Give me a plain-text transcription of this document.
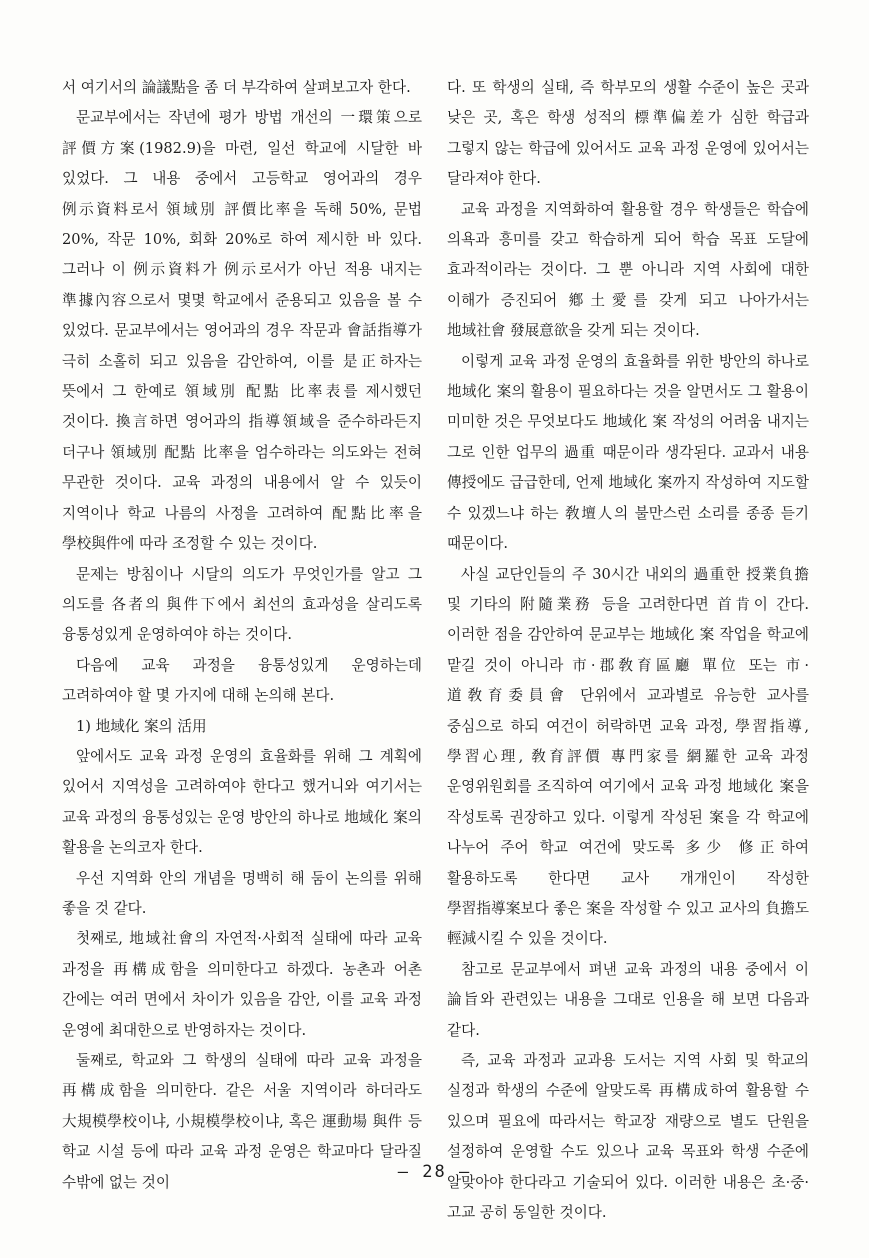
서 여기서의 論議點을 좀 더 부각하여 살펴보고자 한다.

문교부에서는 작년에 평가 방법 개선의 一環策으로 評價方案(1982.9)을 마련, 일선 학교에 시달한 바 있었다. 그 내용 중에서 고등학교 영어과의 경우 例示資料로서 領域別 評價比率을 독해 50%, 문법 20%, 작문 10%, 회화 20%로 하여 제시한 바 있다. 그러나 이 例示資料가 例示로서가 아닌 적용 내지는 準據內容으로서 몇몇 학교에서 준용되고 있음을 볼 수 있었다. 문교부에서는 영어과의 경우 작문과 會話指導가 극히 소홀히 되고 있음을 감안하여, 이를 是正하자는 뜻에서 그 한예로 領域別 配點 比率表를 제시했던 것이다. 換言하면 영어과의 指導領域을 준수하라든지 더구나 領域別 配點 比率을 엄수하라는 의도와는 전혀 무관한 것이다. 교육 과정의 내용에서 알 수 있듯이 지역이나 학교 나름의 사정을 고려하여 配點比率을 學校與件에 따라 조정할 수 있는 것이다.

문제는 방침이나 시달의 의도가 무엇인가를 알고 그 의도를 各者의 與件下에서 최선의 효과성을 살리도록 융통성있게 운영하여야 하는 것이다.

다음에 교육 과정을 융통성있게 운영하는데 고려하여야 할 몇 가지에 대해 논의해 본다.

1) 地域化 案의 活用

앞에서도 교육 과정 운영의 효율화를 위해 그 계획에 있어서 지역성을 고려하여야 한다고 했거니와 여기서는 교육 과정의 융통성있는 운영 방안의 하나로 地域化 案의 활용을 논의코자 한다.

우선 지역화 안의 개념을 명백히 해 둠이 논의를 위해 좋을 것 같다.

첫째로, 地域社會의 자연적·사회적 실태에 따라 교육 과정을 再構成함을 의미한다고 하겠다. 농촌과 어촌 간에는 여러 면에서 차이가 있음을 감안, 이를 교육 과정 운영에 최대한으로 반영하자는 것이다.

둘째로, 학교와 그 학생의 실태에 따라 교육 과정을 再構成함을 의미한다. 같은 서울 지역이라 하더라도 大規模學校이냐, 小規模學校이냐, 혹은 運動場 與件 등 학교 시설 등에 따라 교육 과정 운영은 학교마다 달라질 수밖에 없는 것이

다. 또 학생의 실태, 즉 학부모의 생활 수준이 높은 곳과 낮은 곳, 혹은 학생 성적의 標準偏差가 심한 학급과 그렇지 않는 학급에 있어서도 교육 과정 운영에 있어서는 달라져야 한다.

교육 과정을 지역화하여 활용할 경우 학생들은 학습에 의욕과 흥미를 갖고 학습하게 되어 학습 목표 도달에 효과적이라는 것이다. 그 뿐 아니라 지역 사회에 대한 이해가 증진되어 鄕土愛를 갖게 되고 나아가서는 地域社會 發展意欲을 갖게 되는 것이다.

이렇게 교육 과정 운영의 효율화를 위한 방안의 하나로 地域化 案의 활용이 필요하다는 것을 알면서도 그 활용이 미미한 것은 무엇보다도 地域化 案 작성의 어려움 내지는 그로 인한 업무의 過重 때문이라 생각된다. 교과서 내용 傳授에도 급급한데, 언제 地域化 案까지 작성하여 지도할 수 있겠느냐 하는 敎壇人의 불만스런 소리를 종종 듣기 때문이다.

사실 교단인들의 주 30시간 내외의 過重한 授業負擔 및 기타의 附隨業務 등을 고려한다면 首肯이 간다. 이러한 점을 감안하여 문교부는 地域化 案 작업을 학교에 맡길 것이 아니라 市·郡敎育區廳 單位 또는 市·道敎育委員會 단위에서 교과별로 유능한 교사를 중심으로 하되 여건이 허락하면 교육 과정, 學習指導, 學習心理, 敎育評價 專門家를 網羅한 교육 과정 운영위원회를 조직하여 여기에서 교육 과정 地域化 案을 작성토록 권장하고 있다. 이렇게 작성된 案을 각 학교에 나누어 주어 학교 여건에 맞도록 多少 修正하여 활용하도록 한다면 교사 개개인이 작성한 學習指導案보다 좋은 案을 작성할 수 있고 교사의 負擔도 輕減시킬 수 있을 것이다.

참고로 문교부에서 펴낸 교육 과정의 내용 중에서 이 論旨와 관련있는 내용을 그대로 인용을 해 보면 다음과 같다.

즉, 교육 과정과 교과용 도서는 지역 사회 및 학교의 실정과 학생의 수준에 알맞도록 再構成하여 활용할 수 있으며 필요에 따라서는 학교장 재량으로 별도 단원을 설정하여 운영할 수도 있으나 교육 목표와 학생 수준에 알맞아야 한다라고 기술되어 있다. 이러한 내용은 초·중·고교 공히 동일한 것이다.

— 28 —
